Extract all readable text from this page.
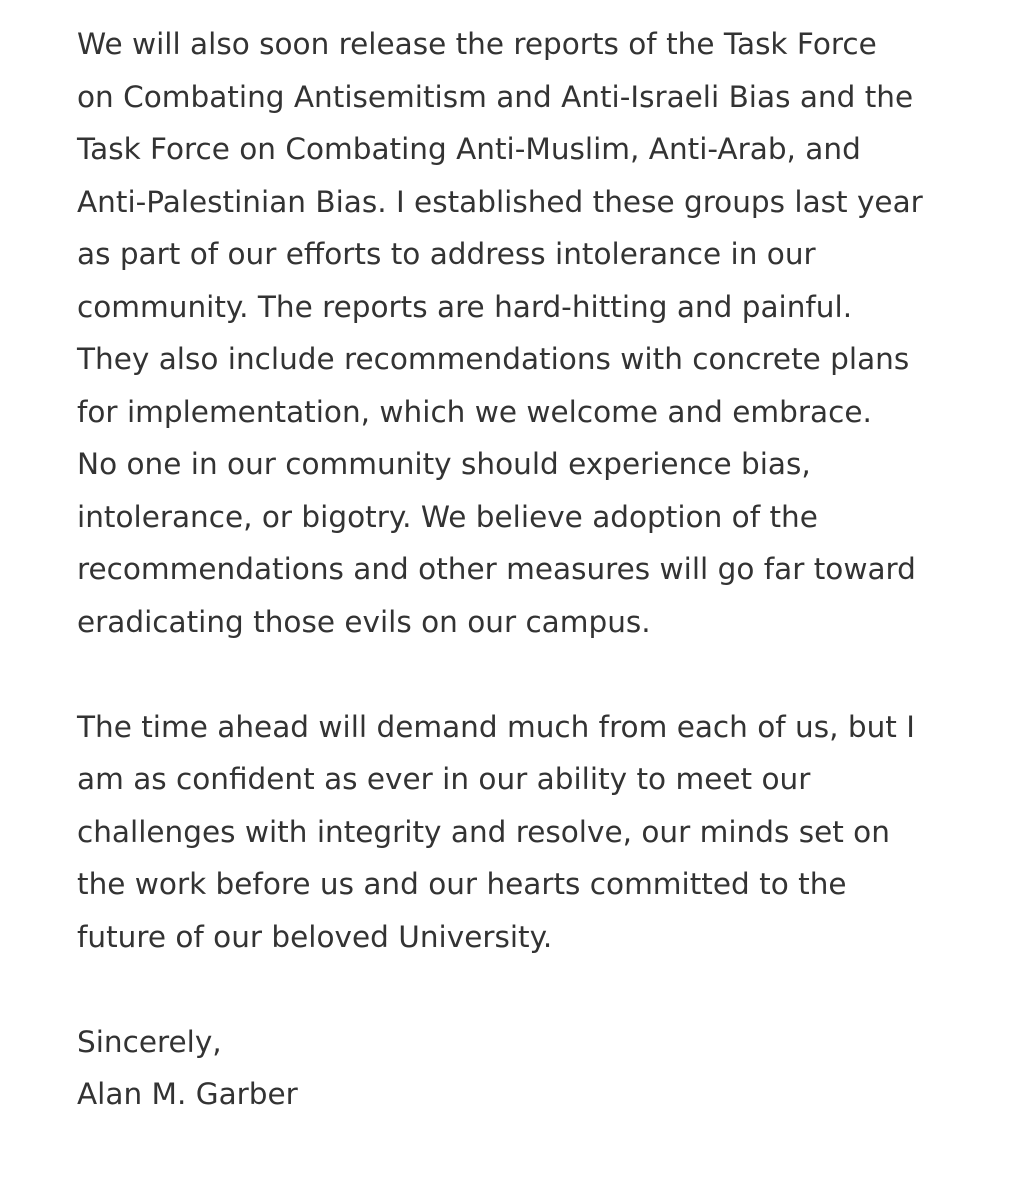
We will also soon release the reports of the Task Force
on Combating Antisemitism and Anti-Israeli Bias and the
Task Force on Combating Anti-Muslim, Anti-Arab, and
Anti-Palestinian Bias. I established these groups last year
as part of our efforts to address intolerance in our
community. The reports are hard-hitting and painful.
They also include recommendations with concrete plans
for implementation, which we welcome and embrace.
No one in our community should experience bias,
intolerance, or bigotry. We believe adoption of the
recommendations and other measures will go far toward
eradicating those evils on our campus.
The time ahead will demand much from each of us, but I
am as confident as ever in our ability to meet our
challenges with integrity and resolve, our minds set on
the work before us and our hearts committed to the
future of our beloved University.
Sincerely,
Alan M. Garber
